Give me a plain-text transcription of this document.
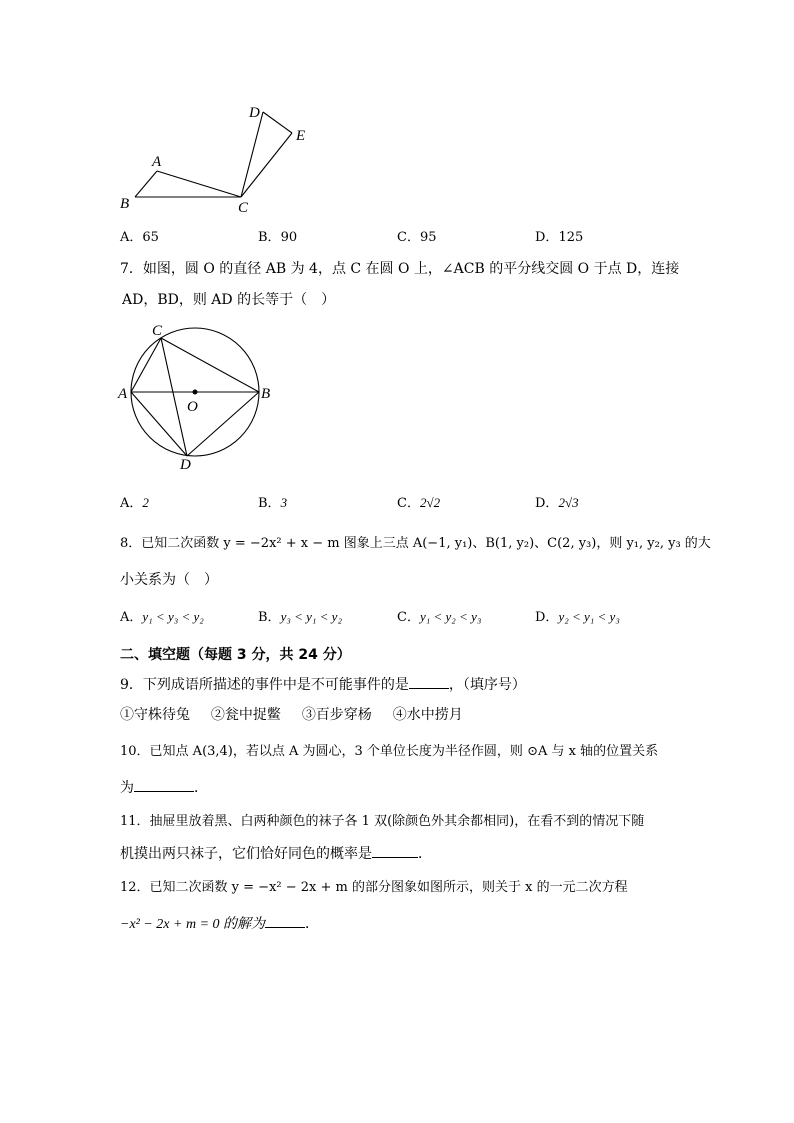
D
E
A
B	C
A．65	B．90	C．95	D．125
7．如图，圆 O 的直径 AB 为 4，点 C 在圆 O 上，∠ACB 的平分线交圆 O 于点 D，连接
AD，BD，则 AD 的长等于（　）
C
A
O
B
D
A．2	B．3	C．2√2	D．2√3
8．已知二次函数 y = −2x² + x − m 图象上三点 A(−1, y₁)、B(1, y₂)、C(2, y₃)，则 y₁, y₂, y₃ 的大
小关系为（　）
A．y₁ < y₃ < y₂	B．y₃ < y₁ < y₂	C．y₁ < y₂ < y₃	D．y₂ < y₁ < y₃
二、填空题（每题 3 分，共 24 分）
9．下列成语所描述的事件中是不可能事件的是	，（填序号）
①守株待兔 ②瓮中捉鳖 ③百步穿杨 ④水中捞月
10．已知点 A(3,4)，若以点 A 为圆心，3 个单位长度为半径作圆，则 ⊙A 与 x 轴的位置关系
为	．
11．抽屉里放着黑、白两种颜色的袜子各 1 双(除颜色外其余都相同)，在看不到的情况下随
机摸出两只袜子，它们恰好同色的概率是	．
12．已知二次函数 y = −x² − 2x + m 的部分图象如图所示，则关于 x 的一元二次方程
−x² − 2x + m = 0 的解为	．
